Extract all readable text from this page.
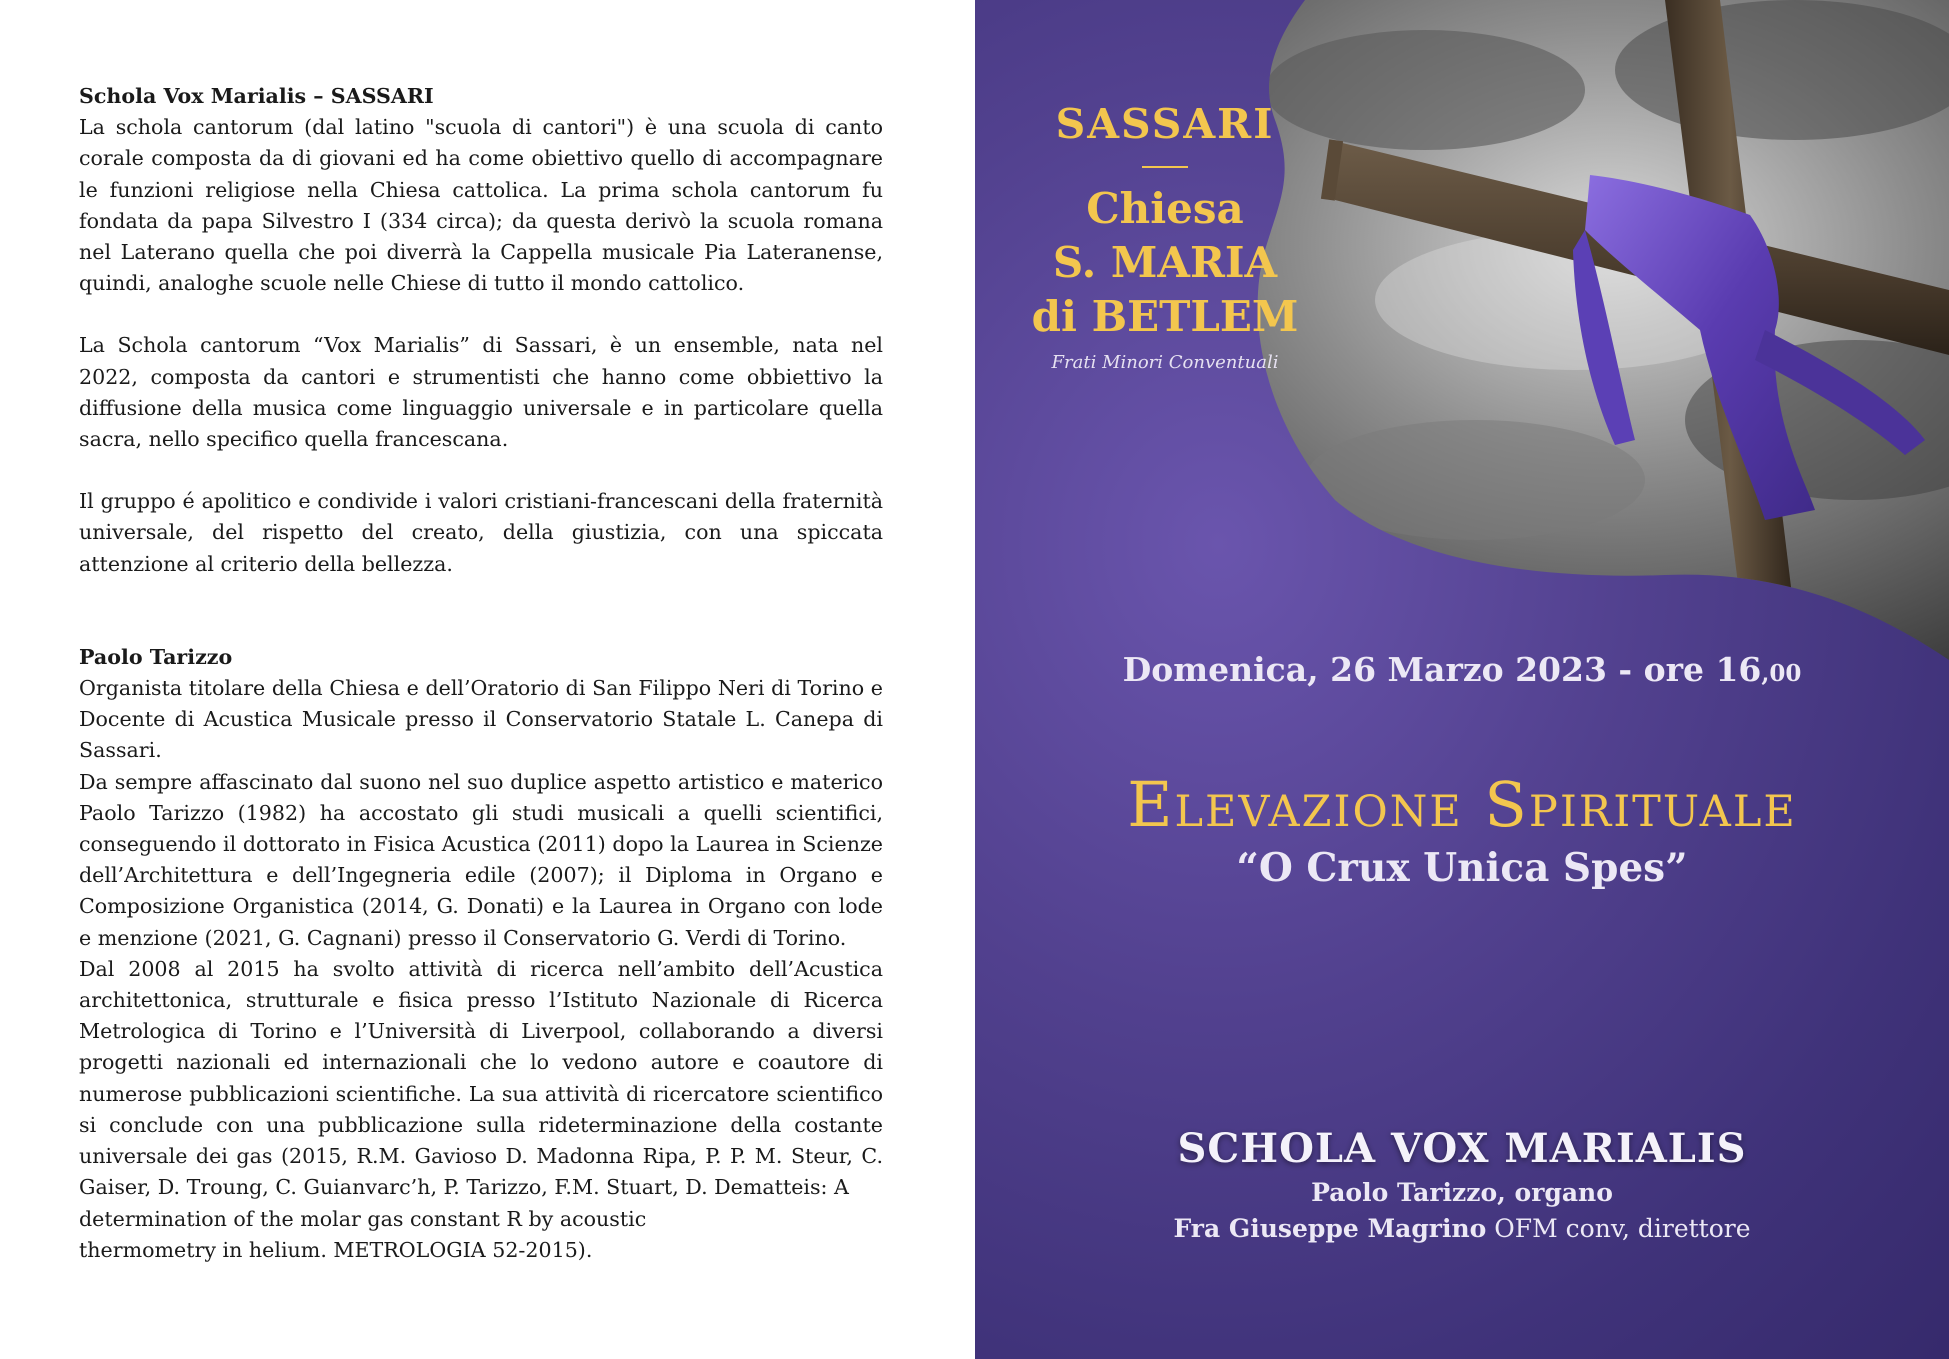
Schola Vox Marialis – SASSARI

La schola cantorum (dal latino "scuola di cantori") è una scuola di canto corale composta da di giovani ed ha come obiettivo quello di accompagnare le funzioni religiose nella Chiesa cattolica. La prima schola cantorum fu fondata da papa Silvestro I (334 circa); da questa derivò la scuola romana nel Laterano quella che poi diverrà la Cappella musicale Pia Lateranense, quindi, analoghe scuole nelle Chiese di tutto il mondo cattolico.

La Schola cantorum “Vox Marialis” di Sassari, è un ensemble, nata nel 2022, composta da cantori e strumentisti che hanno come obbiettivo la diffusione della musica come linguaggio universale e in particolare quella sacra, nello specifico quella francescana.

Il gruppo é apolitico e condivide i valori cristiani-francescani della fraternità universale, del rispetto del creato, della giustizia, con una spiccata attenzione al criterio della bellezza.

Paolo Tarizzo

Organista titolare della Chiesa e dell’Oratorio di San Filippo Neri di Torino e Docente di Acustica Musicale presso il Conservatorio Statale L. Canepa di Sassari.

Da sempre affascinato dal suono nel suo duplice aspetto artistico e materico Paolo Tarizzo (1982) ha accostato gli studi musicali a quelli scientifici, conseguendo il dottorato in Fisica Acustica (2011) dopo la Laurea in Scienze dell’Architettura e dell’Ingegneria edile (2007); il Diploma in Organo e Composizione Organistica (2014, G. Donati) e la Laurea in Organo con lode e menzione (2021, G. Cagnani) presso il Conservatorio G. Verdi di Torino.

Dal 2008 al 2015 ha svolto attività di ricerca nell’ambito dell’Acustica architettonica, strutturale e fisica presso l’Istituto Nazionale di Ricerca Metrologica di Torino e l’Università di Liverpool, collaborando a diversi progetti nazionali ed internazionali che lo vedono autore e coautore di numerose pubblicazioni scientifiche. La sua attività di ricercatore scientifico si conclude con una pubblicazione sulla rideterminazione della costante universale dei gas (2015, R.M. Gavioso D. Madonna Ripa, P. P. M. Steur, C. Gaiser, D. Troung, C. Guianvarc’h, P. Tarizzo, F.M. Stuart, D. Dematteis: A

determination of the molar gas constant R by acoustic

thermometry in helium. METROLOGIA 52-2015).

SASSARI
Chiesa
S. MARIA
di BETLEM
Frati Minori Conventuali
Domenica, 26 Marzo 2023 - ore 16,00
Elevazione Spirituale
“O Crux Unica Spes”
SCHOLA VOX MARIALIS
Paolo Tarizzo, organo
Fra Giuseppe Magrino OFM conv, direttore
